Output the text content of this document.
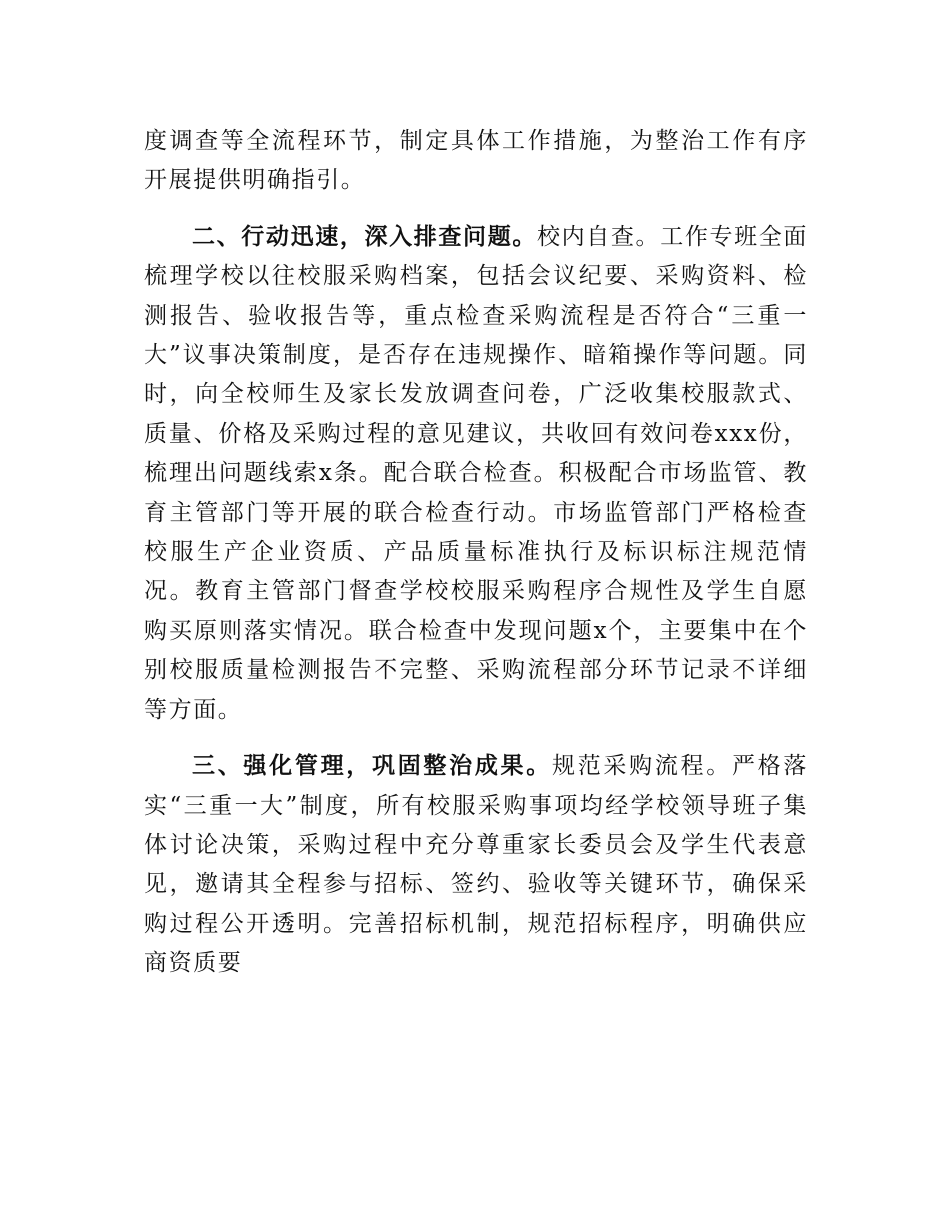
度调查等全流程环节，制定具体工作措施，为整治工作有序开展提供明确指引。

二、行动迅速，深入排查问题。校内自查。工作专班全面梳理学校以往校服采购档案，包括会议纪要、采购资料、检测报告、验收报告等，重点检查采购流程是否符合“三重一大”议事决策制度，是否存在违规操作、暗箱操作等问题。同时，向全校师生及家长发放调查问卷，广泛收集校服款式、质量、价格及采购过程的意见建议，共收回有效问卷xxx份，梳理出问题线索x条。配合联合检查。积极配合市场监管、教育主管部门等开展的联合检查行动。市场监管部门严格检查校服生产企业资质、产品质量标准执行及标识标注规范情况。教育主管部门督查学校校服采购程序合规性及学生自愿购买原则落实情况。联合检查中发现问题x个，主要集中在个别校服质量检测报告不完整、采购流程部分环节记录不详细等方面。

三、强化管理，巩固整治成果。规范采购流程。严格落实“三重一大”制度，所有校服采购事项均经学校领导班子集体讨论决策，采购过程中充分尊重家长委员会及学生代表意见，邀请其全程参与招标、签约、验收等关键环节，确保采购过程公开透明。完善招标机制，规范招标程序，明确供应商资质要
